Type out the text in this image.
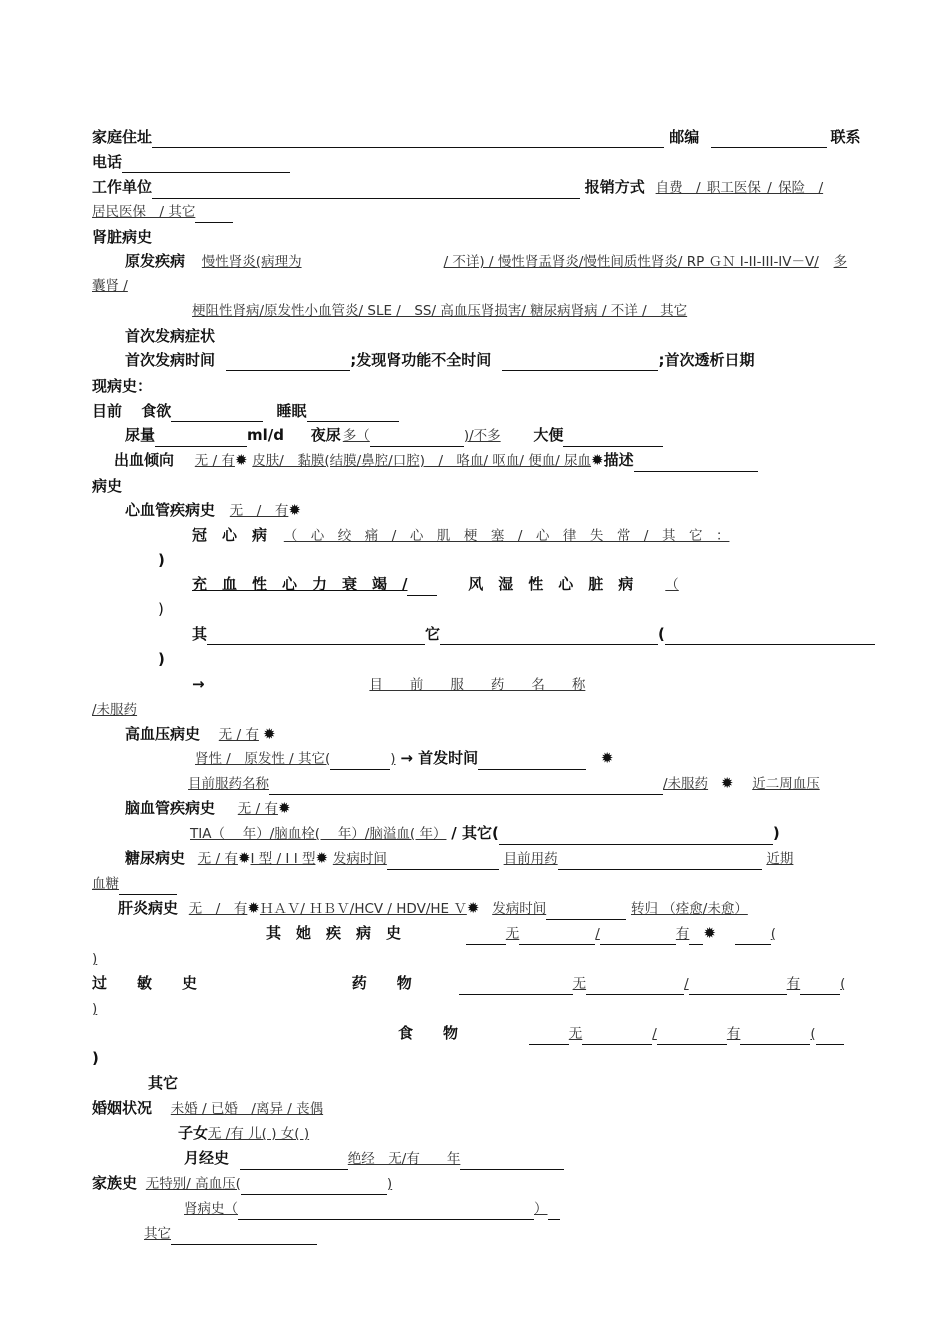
家庭住址	邮编	联系
电话
工作单位	报销方式 自费　/ 职工医保 / 保险　/
居民医保　/ 其它
肾脏病史
原发疾病 慢性肾炎(病理为	/ 不详) / 慢性肾盂肾炎/慢性间质性肾炎/ RP ＧＮ I-II-III-IV－V/ 多
囊肾 /
梗阻性肾病/原发性小血管炎/ SLE /　SS/ 高血压肾损害/ 糖尿病肾病 / 不详 /　其它
首次发病症状
首次发病时间	;发现肾功能不全时间	;首次透析日期
现病史：
目前 食欲	睡眠
尿量	ml/d 夜尿 多（	)/不多 大便
出血倾向 无 / 有✹ 皮肤/　黏膜(结膜/鼻腔/口腔)　/　咯血/ 呕血/ 便血/ 尿血✹描述
病史
心血管疾病史 无　/　有✹
冠　心　病 （　心　绞　痛　/　心　肌　梗　塞　/　心　律　失　常　/　其　它　：
)
充　血　性　心　力　衰　竭　/	风　湿　性　心　脏　病 （
)
其	它	(
)
→	目　　前　　服　　药　　名　　称
/未服药
高血压病史 无 / 有 ✹
肾性 /　原发性 / 其它(	) → 首发时间	✹
目前服药名称	/未服药 ✹ 近二周血压
脑血管疾病史 无 / 有✹
TIA（　 年）/脑血栓(　 年）/脑溢血( 年） / 其它(	)
糖尿病史 无 / 有✹I 型 / I I 型✹ 发病时间	目前用药	近期
血糖
肝炎病史 无　/　有✹ＨＡＶ/ ＨＢＶ/HCV / HDV/HE Ｖ✹ 发病时间	转归 （痊愈/未愈）
其　她　疾　病　史	无	/	有 ✹	(
)
过　　敏　　史	药　　物	无	/	有	(
)
食　　物	无	/	有	(
)
其它
婚姻状况 未婚 / 已婚　/离异 / 丧偶
子女无 /有 儿( ) 女( )
月经史	绝经　无/有　　年
家族史 无特别/ 高血压(	)
肾病史（	）
其它
